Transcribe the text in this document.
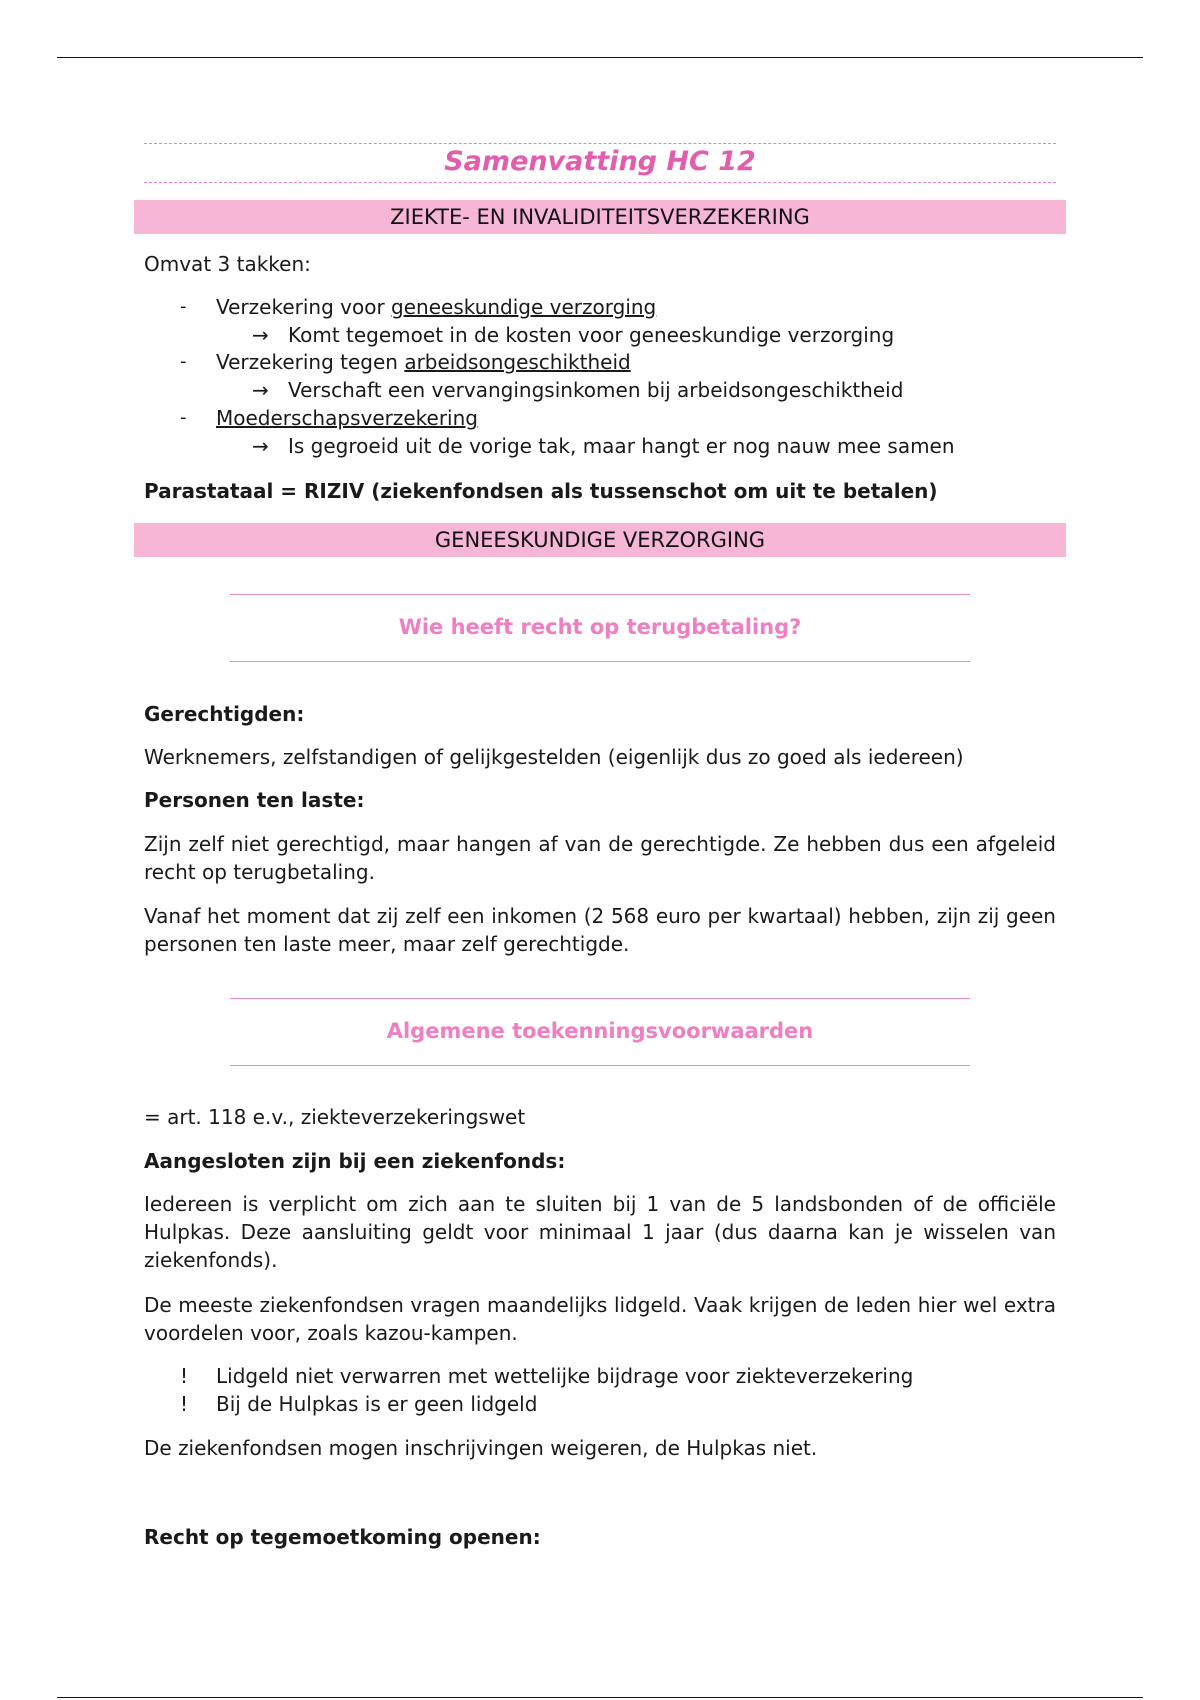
Samenvatting HC 12
ZIEKTE- EN INVALIDITEITSVERZEKERING
Omvat 3 takken:
- Verzekering voor geneeskundige verzorging
→ Komt tegemoet in de kosten voor geneeskundige verzorging
- Verzekering tegen arbeidsongeschiktheid
→ Verschaft een vervangingsinkomen bij arbeidsongeschiktheid
- Moederschapsverzekering
→ Is gegroeid uit de vorige tak, maar hangt er nog nauw mee samen
Parastataal = RIZIV (ziekenfondsen als tussenschot om uit te betalen)
GENEESKUNDIGE VERZORGING
Wie heeft recht op terugbetaling?
Gerechtigden:
Werknemers, zelfstandigen of gelijkgestelden (eigenlijk dus zo goed als iedereen)
Personen ten laste:
Zijn zelf niet gerechtigd, maar hangen af van de gerechtigde. Ze hebben dus een afgeleid recht op terugbetaling.
Vanaf het moment dat zij zelf een inkomen (2 568 euro per kwartaal) hebben, zijn zij geen personen ten laste meer, maar zelf gerechtigde.
Algemene toekenningsvoorwaarden
= art. 118 e.v., ziekteverzekeringswet
Aangesloten zijn bij een ziekenfonds:
Iedereen is verplicht om zich aan te sluiten bij 1 van de 5 landsbonden of de officiële Hulpkas. Deze aansluiting geldt voor minimaal 1 jaar (dus daarna kan je wisselen van ziekenfonds).
De meeste ziekenfondsen vragen maandelijks lidgeld. Vaak krijgen de leden hier wel extra voordelen voor, zoals kazou-kampen.
! Lidgeld niet verwarren met wettelijke bijdrage voor ziekteverzekering
! Bij de Hulpkas is er geen lidgeld
De ziekenfondsen mogen inschrijvingen weigeren, de Hulpkas niet.
Recht op tegemoetkoming openen:
